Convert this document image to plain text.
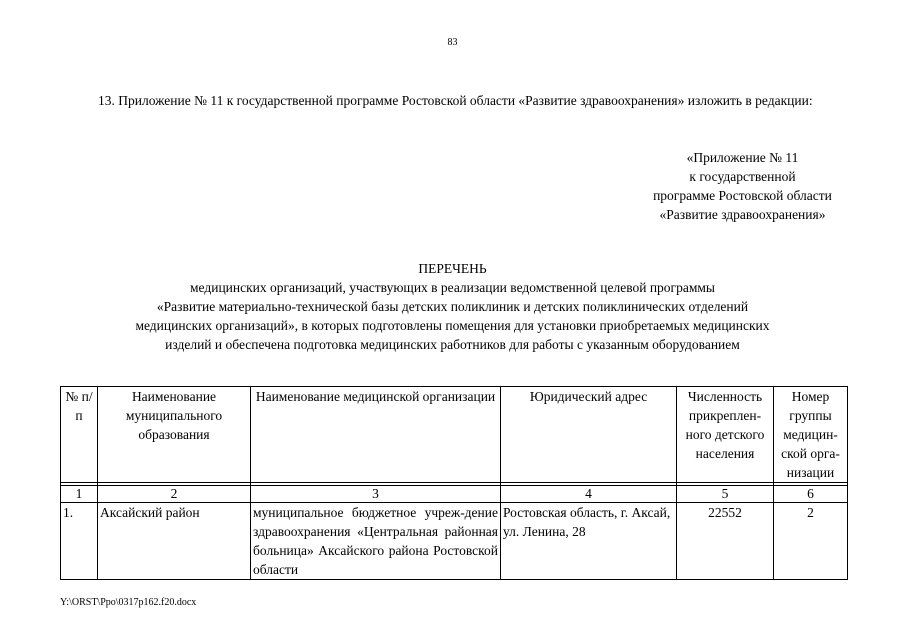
83
13. Приложение № 11 к государственной программе Ростовской области «Развитие здравоохранения» изложить в редакции:
«Приложение № 11
к государственной
программе Ростовской области
«Развитие здравоохранения»
ПЕРЕЧЕНЬ
медицинских организаций, участвующих в реализации ведомственной целевой программы
«Развитие материально-технической базы детских поликлиник и детских поликлинических отделений
медицинских организаций», в которых подготовлены помещения для установки приобретаемых медицинских
изделий и обеспечена подготовка медицинских работников для работы с указанным оборудованием
№ п/п	Наименование муниципального образования	Наименование медицинской организации	Юридический адрес	Численность прикреплен-ного детского населения	Номер группы медицин-ской орга-низации

1	2	3	4	5	6
1.	Аксайский район	муниципальное бюджетное учреж-дение здравоохранения «Центральная районная больница» Аксайского района Ростовской области	Ростовская область, г. Аксай, ул. Ленина, 28	22552	2
Y:\ORST\Ppo\0317p162.f20.docx
